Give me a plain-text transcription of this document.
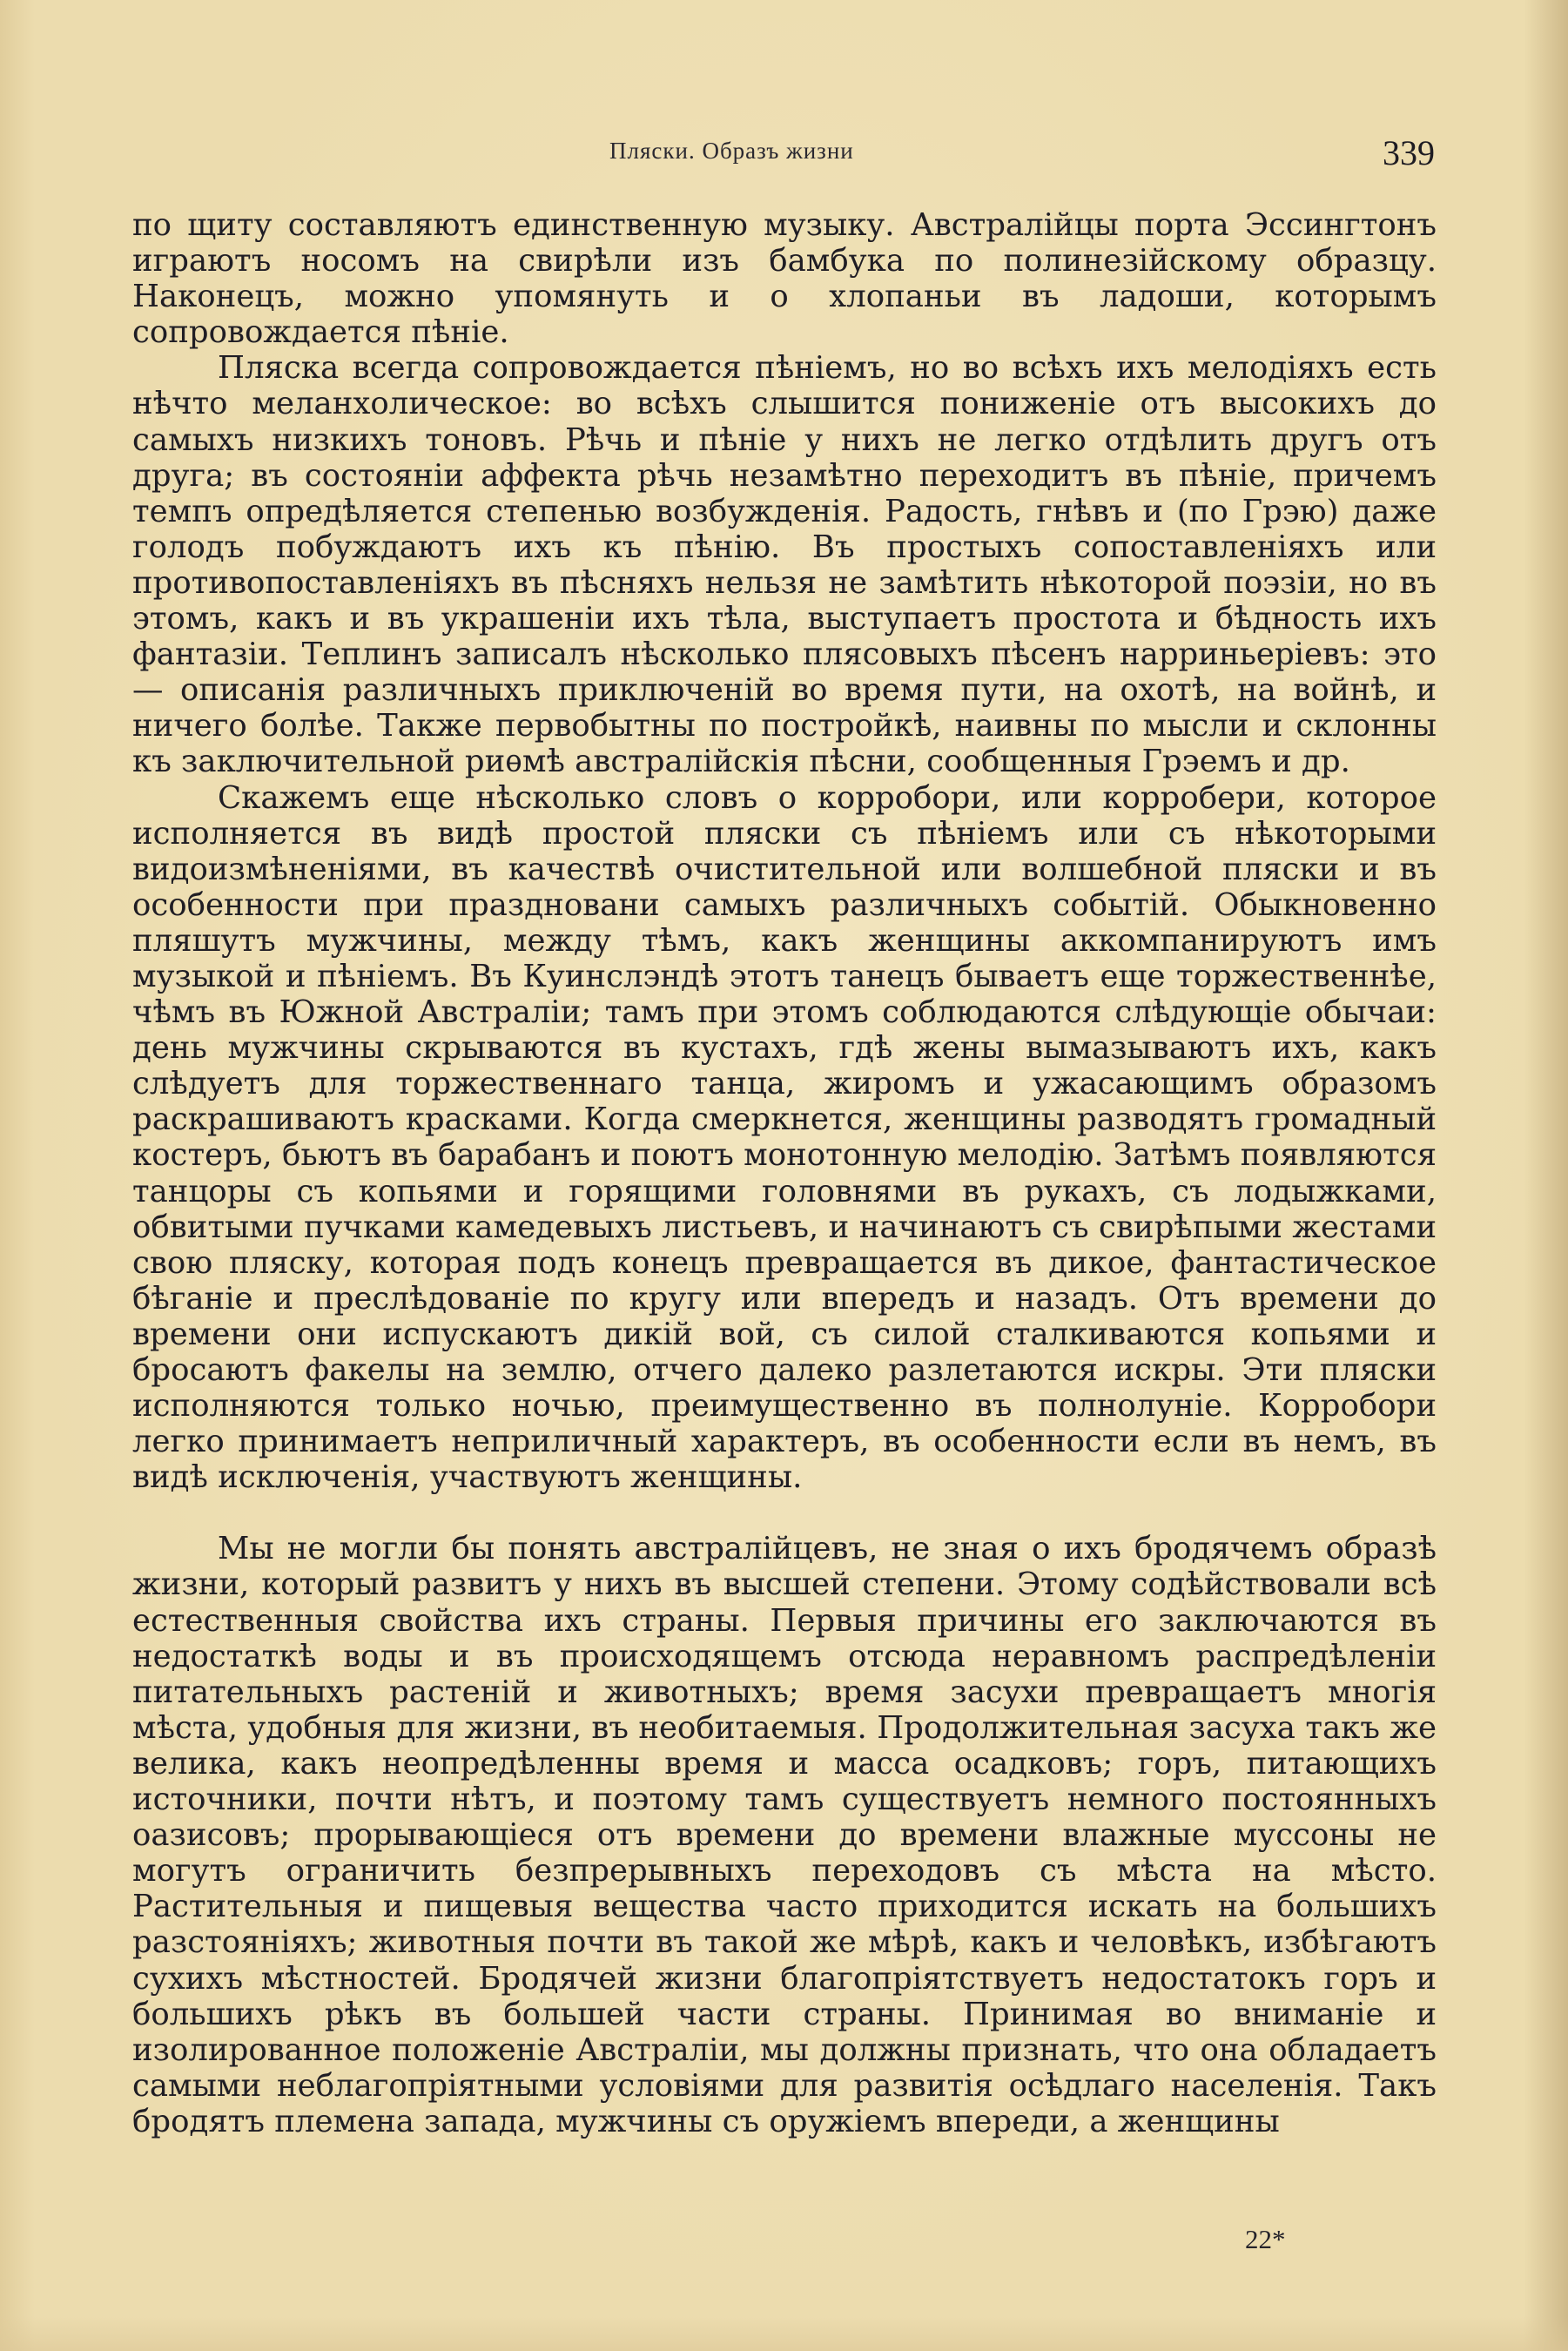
Пляски. Образъ жизни	339

по щиту составляютъ единственную музыку. Австралійцы порта Эссингтонъ играютъ носомъ на свирѣли изъ бамбука по полинезійскому образцу. Наконецъ, можно упомянуть и о хлопаньи въ ладоши, которымъ сопровождается пѣніе.

Пляска всегда сопровождается пѣніемъ, но во всѣхъ ихъ мелодіяхъ есть нѣчто меланхолическое: во всѣхъ слышится пониженіе отъ высокихъ до самыхъ низкихъ тоновъ. Рѣчь и пѣніе у нихъ не легко отдѣлить другъ отъ друга; въ состояніи аффекта рѣчь незамѣтно переходитъ въ пѣніе, причемъ темпъ опредѣляется степенью возбужденія. Радость, гнѣвъ и (по Грэю) даже голодъ побуждаютъ ихъ къ пѣнію. Въ простыхъ сопоставленіяхъ или противопоставленіяхъ въ пѣсняхъ нельзя не замѣтить нѣкоторой поэзіи, но въ этомъ, какъ и въ украшеніи ихъ тѣла, выступаетъ простота и бѣдность ихъ фантазіи. Теплинъ записалъ нѣсколько плясовыхъ пѣсенъ нарриньеріевъ: это — описанія различныхъ приключеній во время пути, на охотѣ, на войнѣ, и ничего болѣе. Также первобытны по постройкѣ, наивны по мысли и склонны къ заключительной риѳмѣ австралійскія пѣсни, сообщенныя Грэемъ и др.

Скажемъ еще нѣсколько словъ о корробори, или корробери, которое исполняется въ видѣ простой пляски съ пѣніемъ или съ нѣкоторыми видоизмѣненіями, въ качествѣ очистительной или волшебной пляски и въ особенности при праздновани самыхъ различныхъ событій. Обыкновенно пляшутъ мужчины, между тѣмъ, какъ женщины аккомпанируютъ имъ музыкой и пѣніемъ. Въ Куинслэндѣ этотъ танецъ бываетъ еще торжественнѣе, чѣмъ въ Южной Австраліи; тамъ при этомъ соблюдаются слѣдующіе обычаи: день мужчины скрываются въ кустахъ, гдѣ жены вымазываютъ ихъ, какъ слѣдуетъ для торжественнаго танца, жиромъ и ужасающимъ образомъ раскрашиваютъ красками. Когда смеркнется, женщины разводятъ громадный костеръ, бьютъ въ барабанъ и поютъ монотонную мелодію. Затѣмъ появляются танцоры съ копьями и горящими головнями въ рукахъ, съ лодыжками, обвитыми пучками камедевыхъ листьевъ, и начинаютъ съ свирѣпыми жестами свою пляску, которая подъ конецъ превращается въ дикое, фантастическое бѣганіе и преслѣдованіе по кругу или впередъ и назадъ. Отъ времени до времени они испускаютъ дикій вой, съ силой сталкиваются копьями и бросаютъ факелы на землю, отчего далеко разлетаются искры. Эти пляски исполняются только ночью, преимущественно въ полнолуніе. Корробори легко принимаетъ неприличный характеръ, въ особенности если въ немъ, въ видѣ исключенія, участвуютъ женщины.

Мы не могли бы понять австралійцевъ, не зная о ихъ бродячемъ образѣ жизни, который развитъ у нихъ въ высшей степени. Этому содѣйствовали всѣ естественныя свойства ихъ страны. Первыя причины его заключаются въ недостаткѣ воды и въ происходящемъ отсюда неравномъ распредѣленіи питательныхъ растеній и животныхъ; время засухи превращаетъ многія мѣста, удобныя для жизни, въ необитаемыя. Продолжительная засуха такъ же велика, какъ неопредѣленны время и масса осадковъ; горъ, питающихъ источники, почти нѣтъ, и поэтому тамъ существуетъ немного постоянныхъ оазисовъ; прорывающіеся отъ времени до времени влажные муссоны не могутъ ограничить безпрерывныхъ переходовъ съ мѣста на мѣсто. Растительныя и пищевыя вещества часто приходится искать на большихъ разстояніяхъ; животныя почти въ такой же мѣрѣ, какъ и человѣкъ, избѣгаютъ сухихъ мѣстностей. Бродячей жизни благопріятствуетъ недостатокъ горъ и большихъ рѣкъ въ большей части страны. Принимая во вниманіе и изолированное положеніе Австраліи, мы должны признать, что она обладаетъ самыми неблагопріятными условіями для развитія осѣдлаго населенія. Такъ бродятъ племена запада, мужчины съ оружіемъ впереди, а женщины

22*
